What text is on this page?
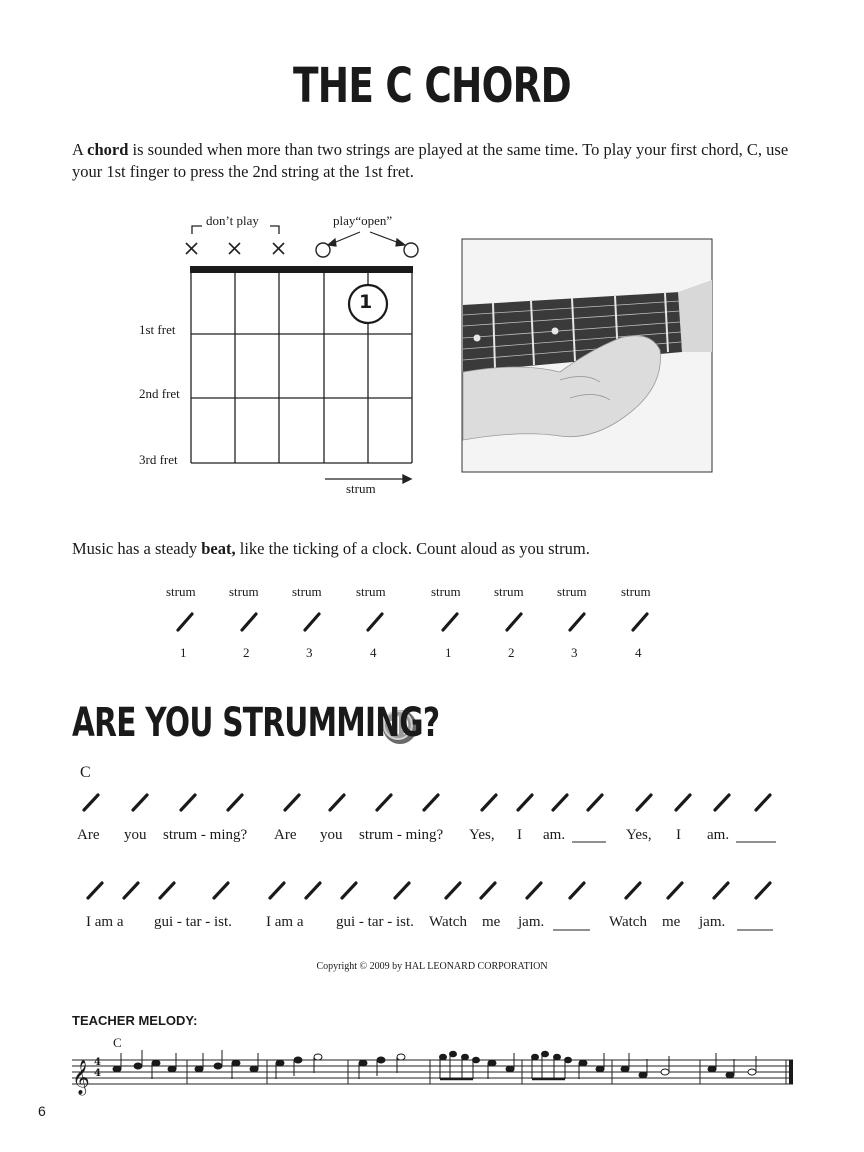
THE C CHORD
A chord is sounded when more than two strings are played at the same time. To play your first chord, C, use your 1st finger to press the 2nd string at the 1st fret.
𝄞
don’t play	play“open”
1
1st fret
2nd fret
3rd fret
strum
Music has a steady beat, like the ticking of a clock. Count aloud as you strum.
strum	strum	strum	strum	strum	strum	strum	strum
1	2	3	4	1	2	3	4
ARE YOU STRUMMING?
C
Are you strum - ming? Are you strum - ming? Yes, I am.	Yes, I am.
I am a gui - tar - ist. I am a gui - tar - ist. Watch me jam.	Watch me jam.
Copyright © 2009 by HAL LEONARD CORPORATION
TEACHER MELODY:
C
4
4
6
